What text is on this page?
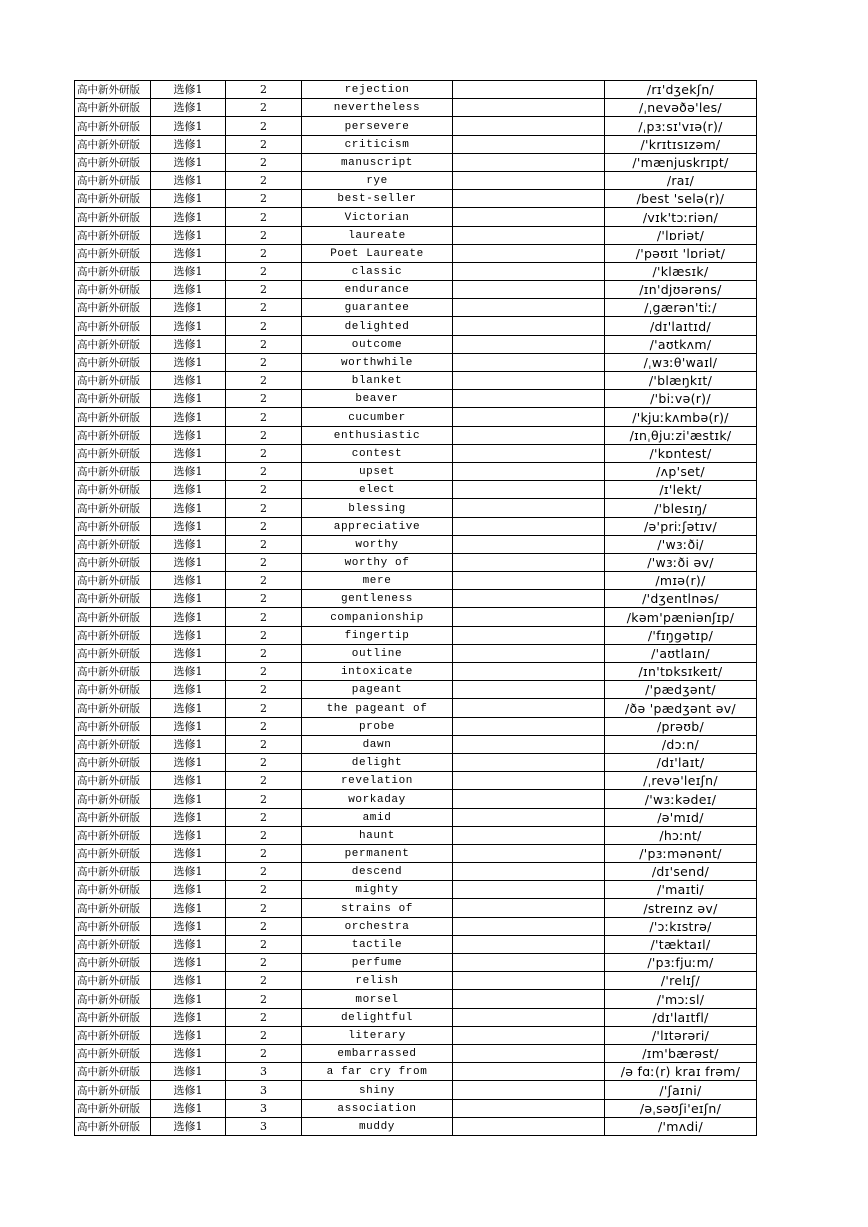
高中新外研版	选修1	2	rejection		/rɪ'dʒekʃn/
高中新外研版	选修1	2	nevertheless		/ˌnevəðə'les/
高中新外研版	选修1	2	persevere		/ˌpɜːsɪ'vɪə(r)/
高中新外研版	选修1	2	criticism		/'krɪtɪsɪzəm/
高中新外研版	选修1	2	manuscript		/'mænjuskrɪpt/
高中新外研版	选修1	2	rye		/raɪ/
高中新外研版	选修1	2	best-seller		/best 'selə(r)/
高中新外研版	选修1	2	Victorian		/vɪk'tɔːriən/
高中新外研版	选修1	2	laureate		/'lɒriət/
高中新外研版	选修1	2	Poet Laureate		/'pəʊɪt 'lɒriət/
高中新外研版	选修1	2	classic		/'klæsɪk/
高中新外研版	选修1	2	endurance		/ɪn'djʊərəns/
高中新外研版	选修1	2	guarantee		/ˌgærən'tiː/
高中新外研版	选修1	2	delighted		/dɪ'laɪtɪd/
高中新外研版	选修1	2	outcome		/'aʊtkʌm/
高中新外研版	选修1	2	worthwhile		/ˌwɜːθ'waɪl/
高中新外研版	选修1	2	blanket		/'blæŋkɪt/
高中新外研版	选修1	2	beaver		/'biːvə(r)/
高中新外研版	选修1	2	cucumber		/'kjuːkʌmbə(r)/
高中新外研版	选修1	2	enthusiastic		/ɪnˌθjuːzi'æstɪk/
高中新外研版	选修1	2	contest		/'kɒntest/
高中新外研版	选修1	2	upset		/ʌp'set/
高中新外研版	选修1	2	elect		/ɪ'lekt/
高中新外研版	选修1	2	blessing		/'blesɪŋ/
高中新外研版	选修1	2	appreciative		/ə'priːʃətɪv/
高中新外研版	选修1	2	worthy		/'wɜːði/
高中新外研版	选修1	2	worthy of		/'wɜːði əv/
高中新外研版	选修1	2	mere		/mɪə(r)/
高中新外研版	选修1	2	gentleness		/'dʒentlnəs/
高中新外研版	选修1	2	companionship		/kəm'pæniənʃɪp/
高中新外研版	选修1	2	fingertip		/'fɪŋgətɪp/
高中新外研版	选修1	2	outline		/'aʊtlaɪn/
高中新外研版	选修1	2	intoxicate		/ɪn'tɒksɪkeɪt/
高中新外研版	选修1	2	pageant		/'pædʒənt/
高中新外研版	选修1	2	the pageant of		/ðə 'pædʒənt əv/
高中新外研版	选修1	2	probe		/prəʊb/
高中新外研版	选修1	2	dawn		/dɔːn/
高中新外研版	选修1	2	delight		/dɪ'laɪt/
高中新外研版	选修1	2	revelation		/ˌrevə'leɪʃn/
高中新外研版	选修1	2	workaday		/'wɜːkədeɪ/
高中新外研版	选修1	2	amid		/ə'mɪd/
高中新外研版	选修1	2	haunt		/hɔːnt/
高中新外研版	选修1	2	permanent		/'pɜːmənənt/
高中新外研版	选修1	2	descend		/dɪ'send/
高中新外研版	选修1	2	mighty		/'maɪti/
高中新外研版	选修1	2	strains of		/streɪnz əv/
高中新外研版	选修1	2	orchestra		/'ɔːkɪstrə/
高中新外研版	选修1	2	tactile		/'tæktaɪl/
高中新外研版	选修1	2	perfume		/'pɜːfjuːm/
高中新外研版	选修1	2	relish		/'relɪʃ/
高中新外研版	选修1	2	morsel		/'mɔːsl/
高中新外研版	选修1	2	delightful		/dɪ'laɪtfl/
高中新外研版	选修1	2	literary		/'lɪtərəri/
高中新外研版	选修1	2	embarrassed		/ɪm'bærəst/
高中新外研版	选修1	3	a far cry from		/ə fɑː(r) kraɪ frəm/
高中新外研版	选修1	3	shiny		/'ʃaɪni/
高中新外研版	选修1	3	association		/əˌsəʊʃi'eɪʃn/
高中新外研版	选修1	3	muddy		/'mʌdi/
